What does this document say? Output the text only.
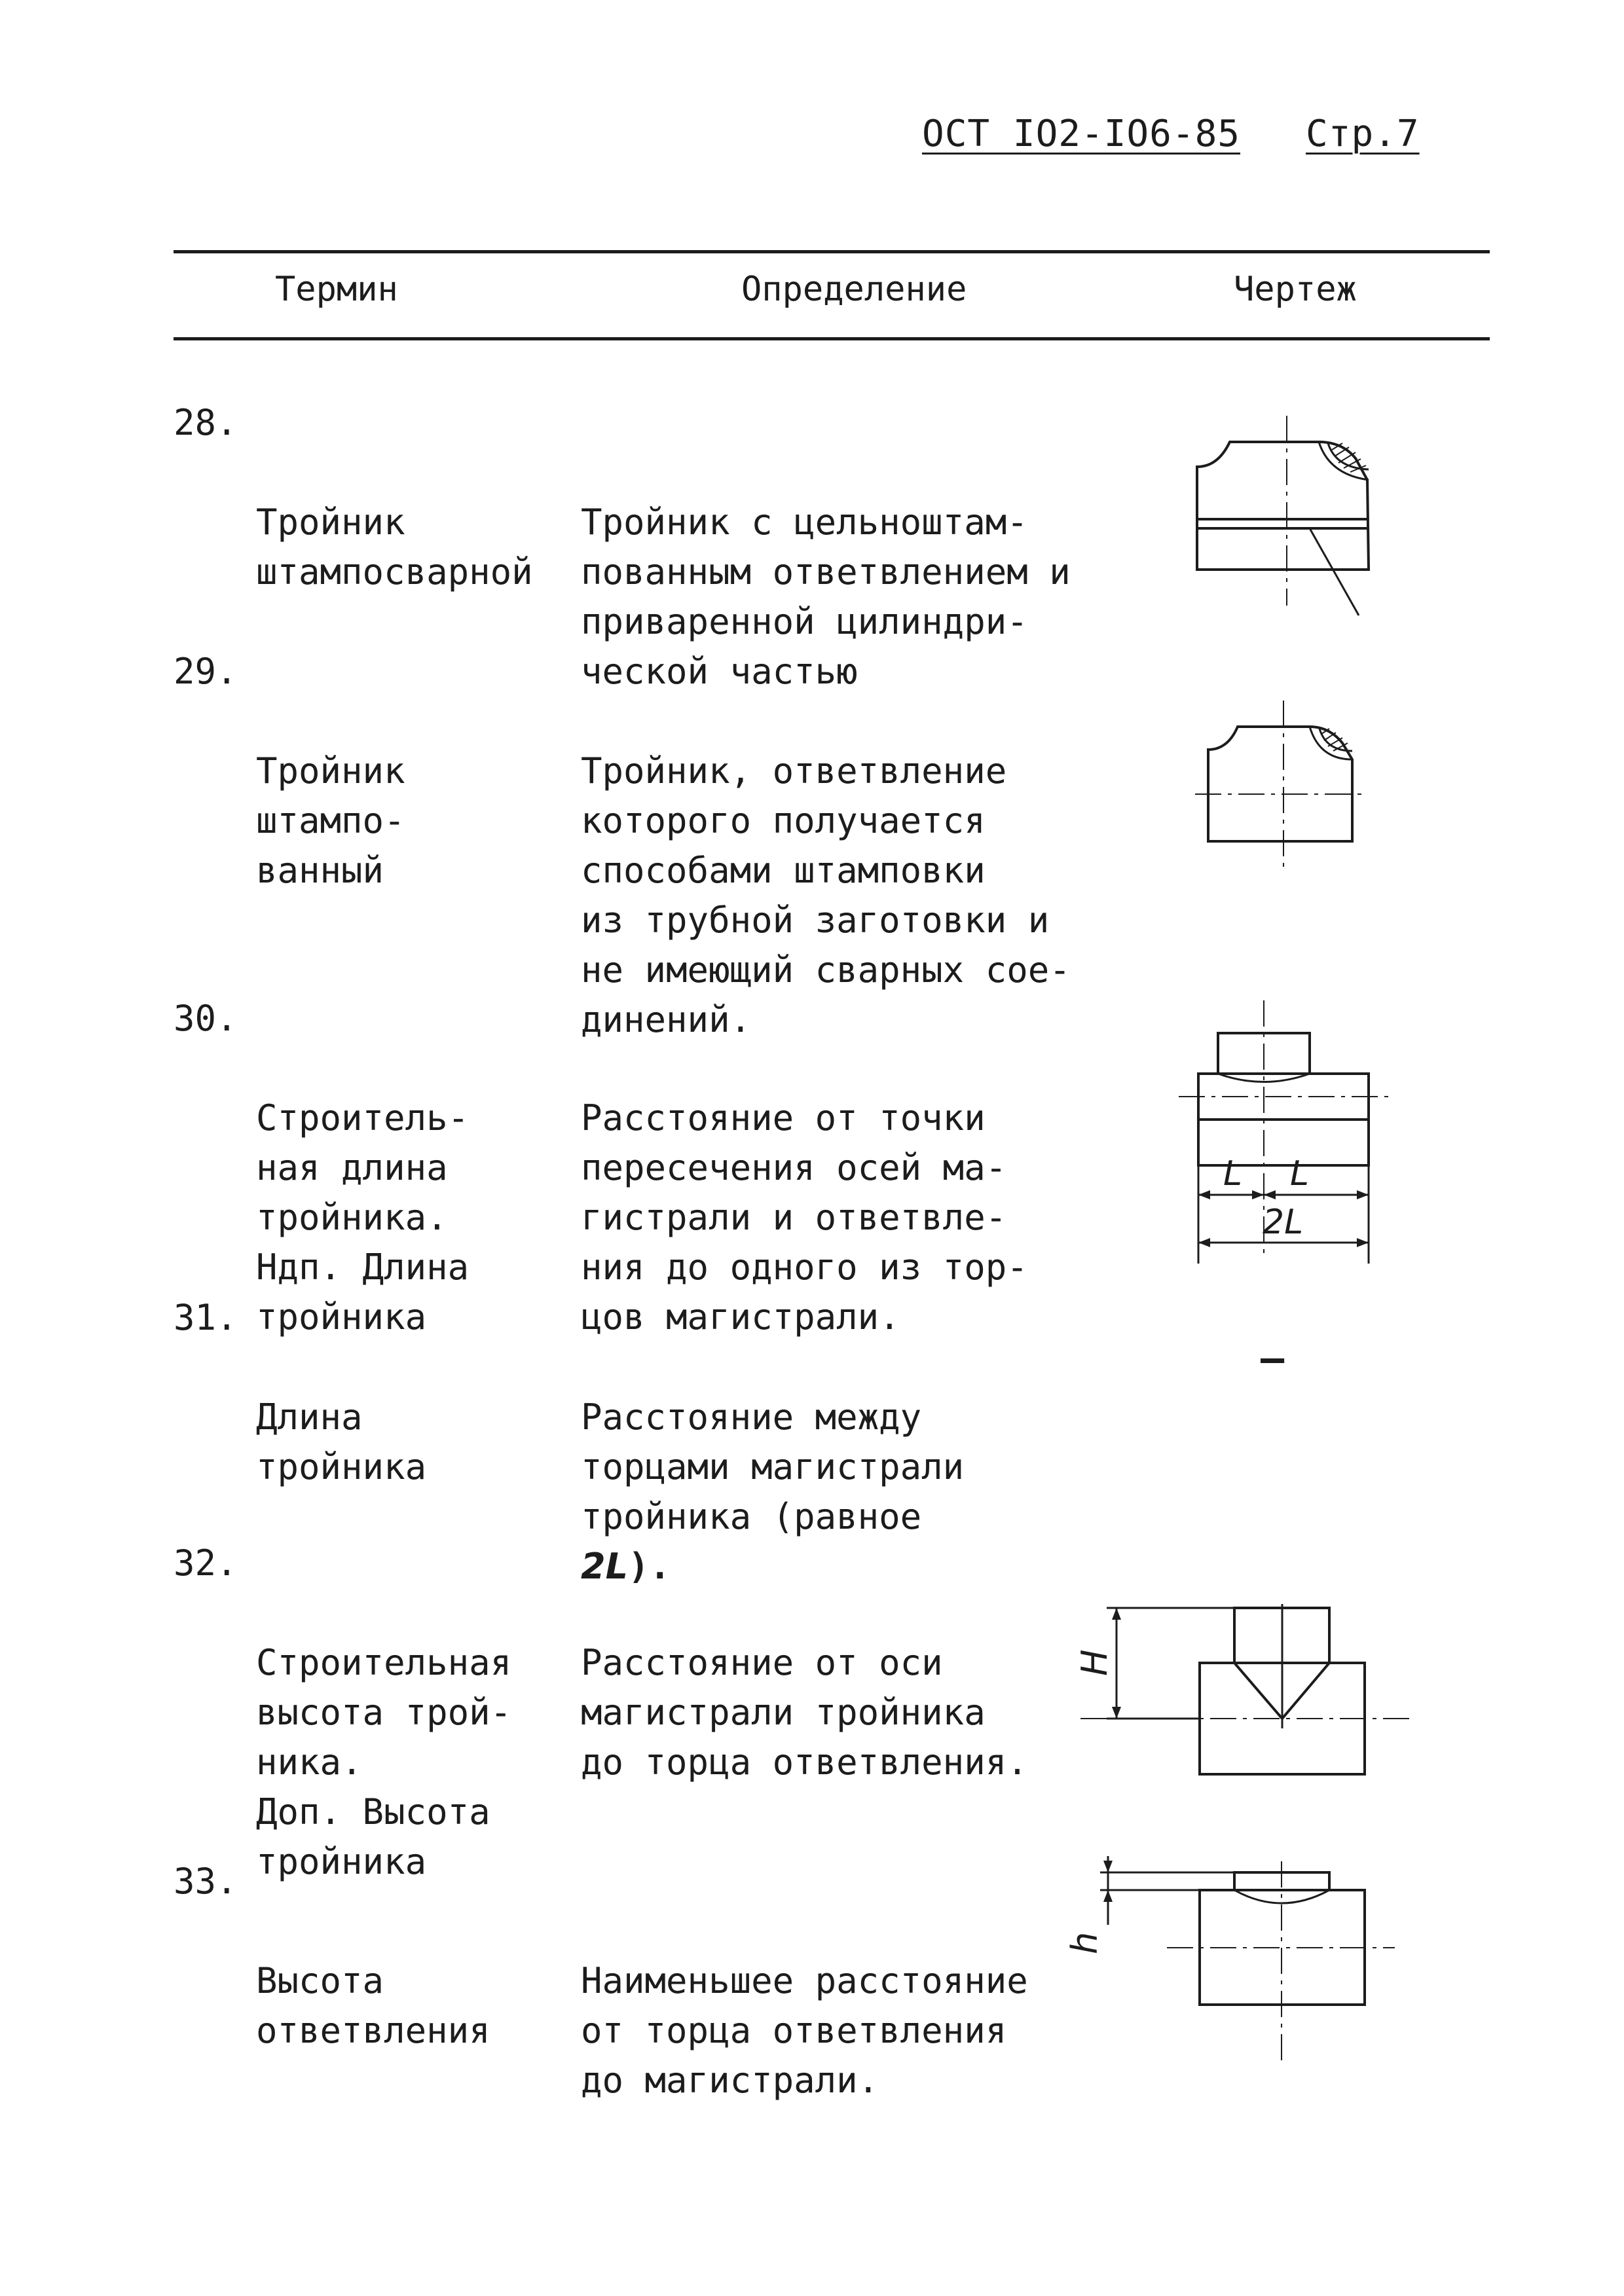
ОСТ IO2-IO6-85 Стр.7
Термин	Определение	Чертеж
28.

Тройник
штампосварной

Тройник с цельноштам-
пованным ответвлением и
приваренной цилиндри-
ческой частью

29.

Тройник
штампо-
ванный

Тройник, ответвление
которого получается
способами штамповки
из трубной заготовки и
не имеющий сварных сое-
динений.

30.

Строитель-
ная длина
тройника.
Ндп. Длина
тройника

Расстояние от точки
пересечения осей ма-
гистрали и ответвле-
ния до одного из тор-
цов магистрали.

L L
2L
31.

Длина
тройника

Расстояние между
торцами магистрали
тройника (равное
2L).

–
32.

Строительная
высота трой-
ника.
Доп. Высота
тройника

Расстояние от оси
магистрали тройника
до торца ответвления.

H
33.

Высота
ответвления

Наименьшее расстояние
от торца ответвления
до магистрали.

h
